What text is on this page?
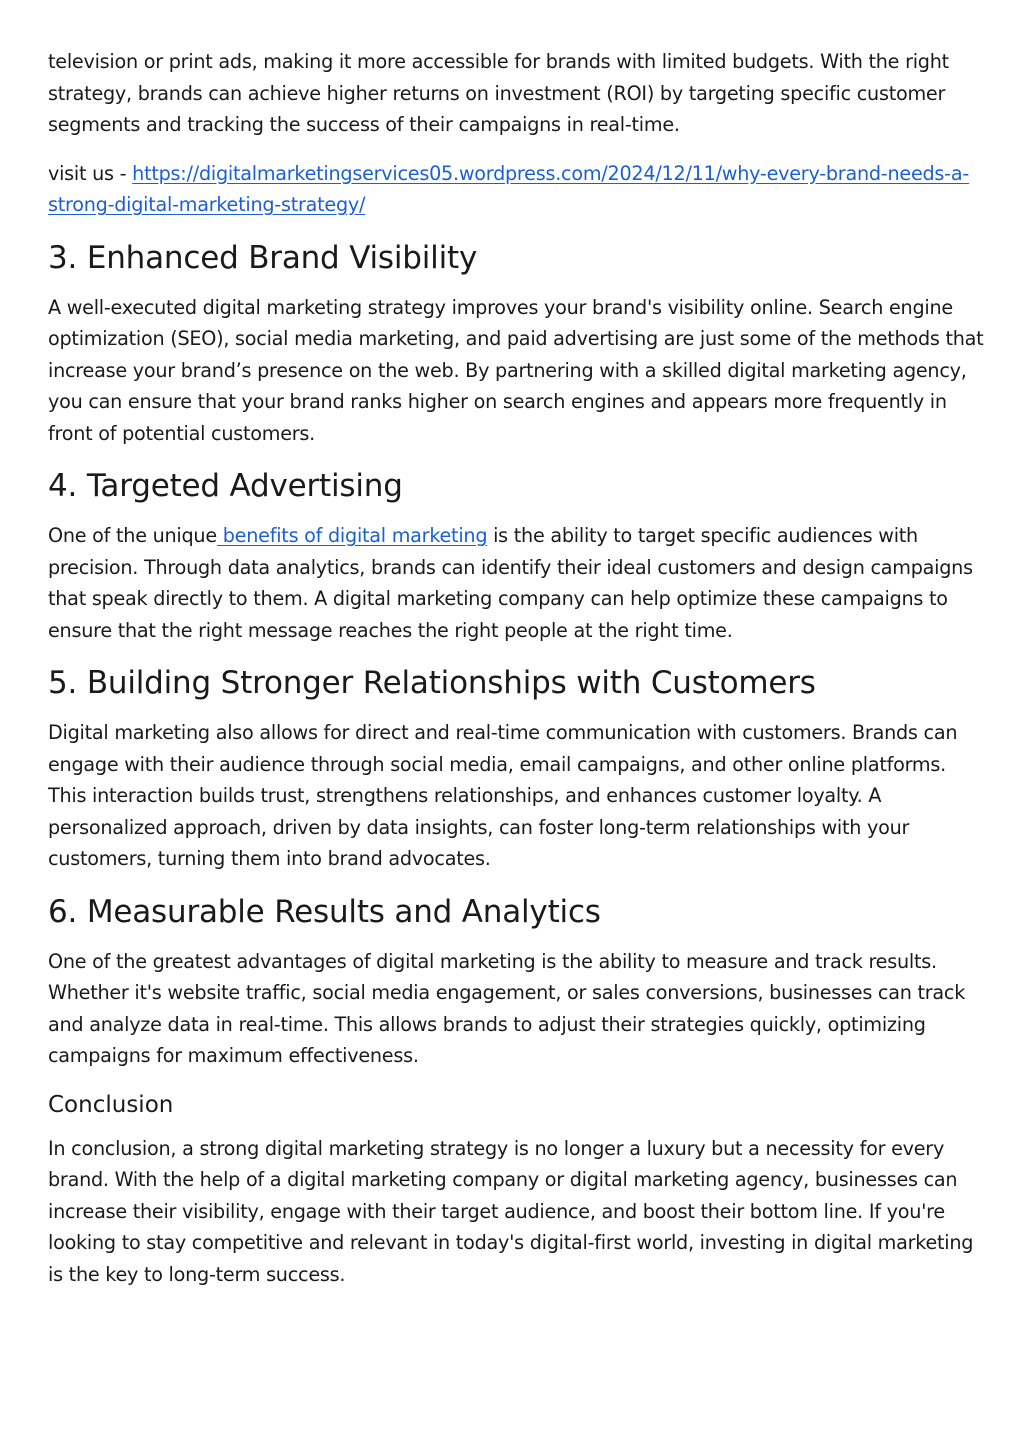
television or print ads, making it more accessible for brands with limited budgets. With the right strategy, brands can achieve higher returns on investment (ROI) by targeting specific customer segments and tracking the success of their campaigns in real-time.

visit us - https://digitalmarketingservices05.wordpress.com/2024/12/11/why-every-brand-needs-a-strong-digital-marketing-strategy/

3. Enhanced Brand Visibility

A well-executed digital marketing strategy improves your brand's visibility online. Search engine optimization (SEO), social media marketing, and paid advertising are just some of the methods that increase your brand’s presence on the web. By partnering with a skilled digital marketing agency, you can ensure that your brand ranks higher on search engines and appears more frequently in front of potential customers.

4. Targeted Advertising

One of the unique benefits of digital marketing is the ability to target specific audiences with precision. Through data analytics, brands can identify their ideal customers and design campaigns that speak directly to them. A digital marketing company can help optimize these campaigns to ensure that the right message reaches the right people at the right time.

5. Building Stronger Relationships with Customers

Digital marketing also allows for direct and real-time communication with customers. Brands can engage with their audience through social media, email campaigns, and other online platforms. This interaction builds trust, strengthens relationships, and enhances customer loyalty. A personalized approach, driven by data insights, can foster long-term relationships with your customers, turning them into brand advocates.

6. Measurable Results and Analytics

One of the greatest advantages of digital marketing is the ability to measure and track results. Whether it's website traffic, social media engagement, or sales conversions, businesses can track and analyze data in real-time. This allows brands to adjust their strategies quickly, optimizing campaigns for maximum effectiveness.

Conclusion

In conclusion, a strong digital marketing strategy is no longer a luxury but a necessity for every brand. With the help of a digital marketing company or digital marketing agency, businesses can increase their visibility, engage with their target audience, and boost their bottom line. If you're looking to stay competitive and relevant in today's digital-first world, investing in digital marketing is the key to long-term success.
